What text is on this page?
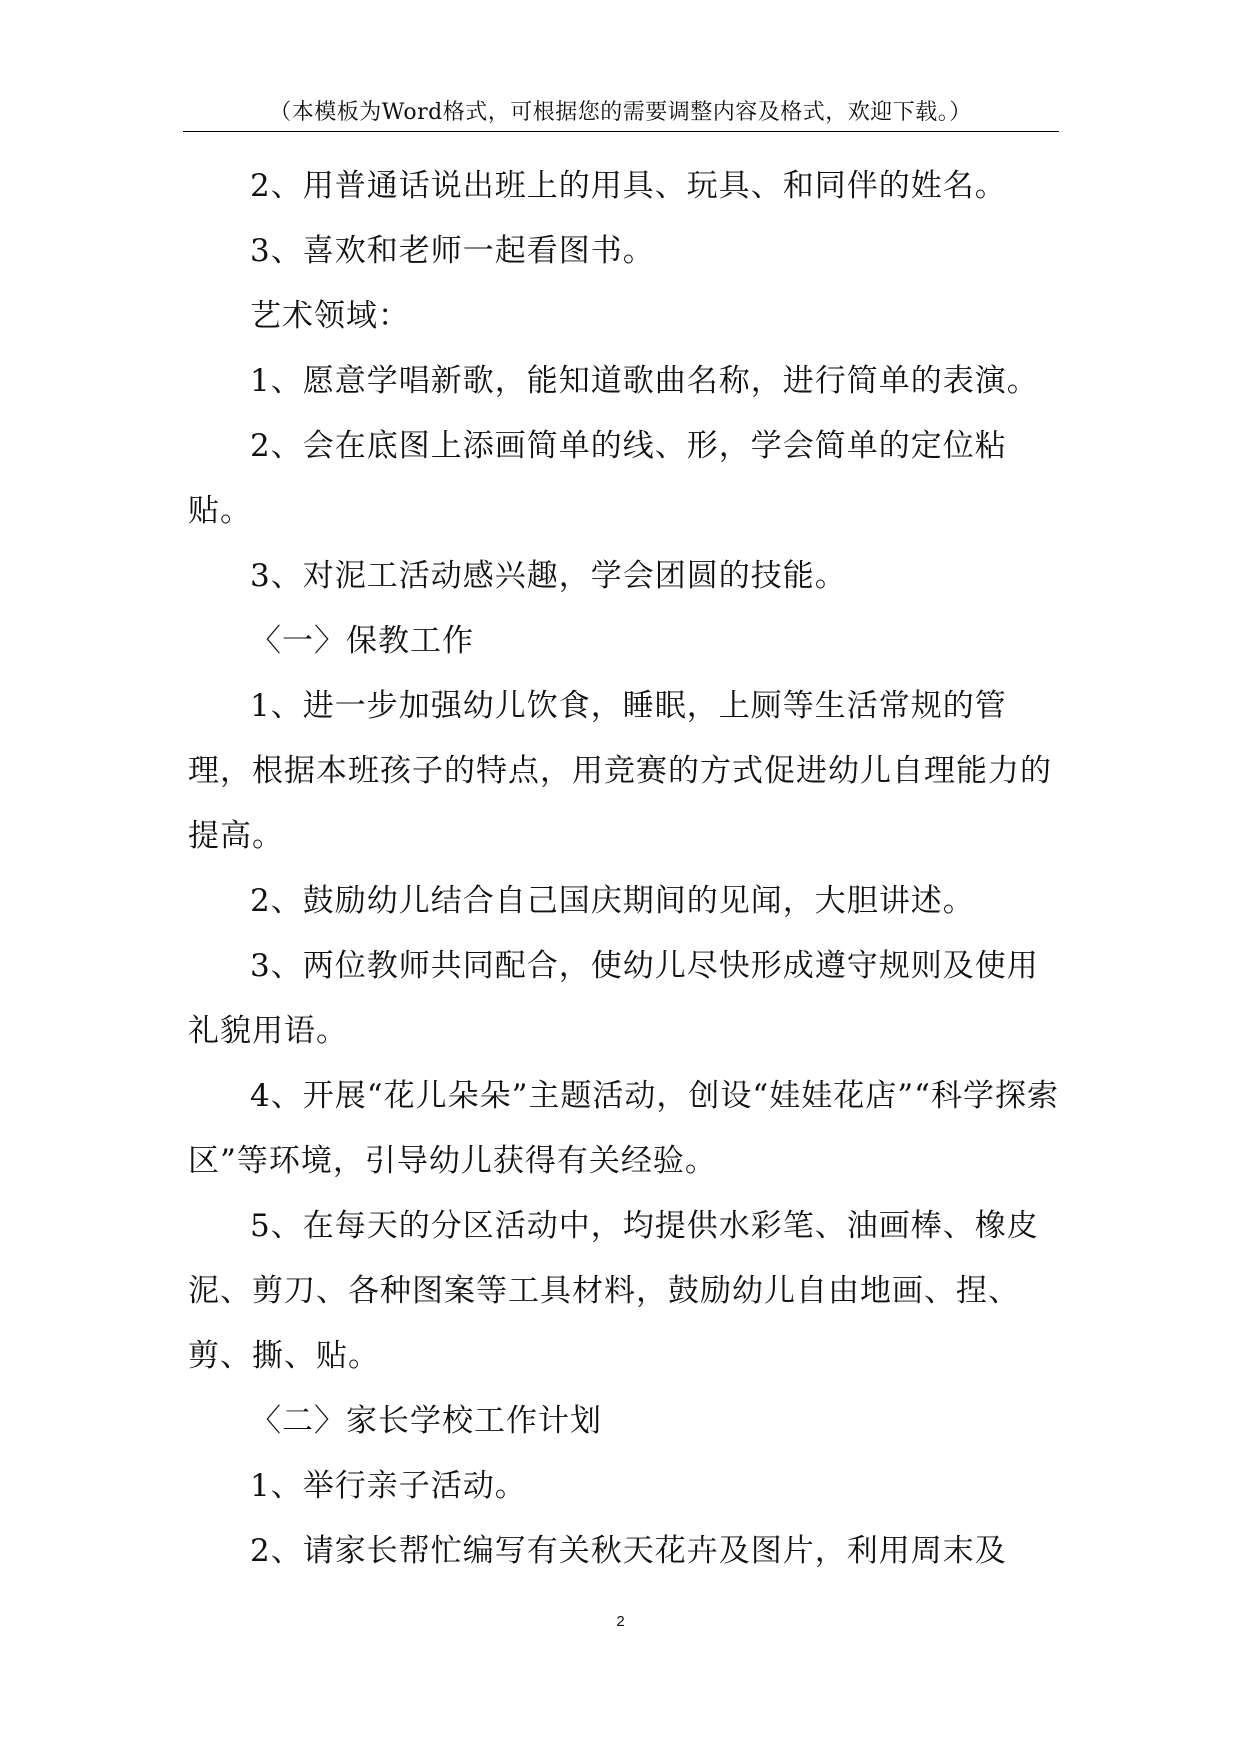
（本模板为Word格式，可根据您的需要调整内容及格式，欢迎下载。）

2、用普通话说出班上的用具、玩具、和同伴的姓名。

3、喜欢和老师一起看图书。

艺术领域：

1、愿意学唱新歌，能知道歌曲名称，进行简单的表演。

2、会在底图上添画简单的线、形，学会简单的定位粘贴。

3、对泥工活动感兴趣，学会团圆的技能。

〈一〉保教工作

1、进一步加强幼儿饮食，睡眠，上厕等生活常规的管理，根据本班孩子的特点，用竞赛的方式促进幼儿自理能力的提高。

2、鼓励幼儿结合自己国庆期间的见闻，大胆讲述。

3、两位教师共同配合，使幼儿尽快形成遵守规则及使用礼貌用语。

4、开展“花儿朵朵”主题活动，创设“娃娃花店”“科学探索区”等环境，引导幼儿获得有关经验。

5、在每天的分区活动中，均提供水彩笔、油画棒、橡皮泥、剪刀、各种图案等工具材料，鼓励幼儿自由地画、捏、剪、撕、贴。

〈二〉家长学校工作计划

1、举行亲子活动。

2、请家长帮忙编写有关秋天花卉及图片，利用周末及

2
